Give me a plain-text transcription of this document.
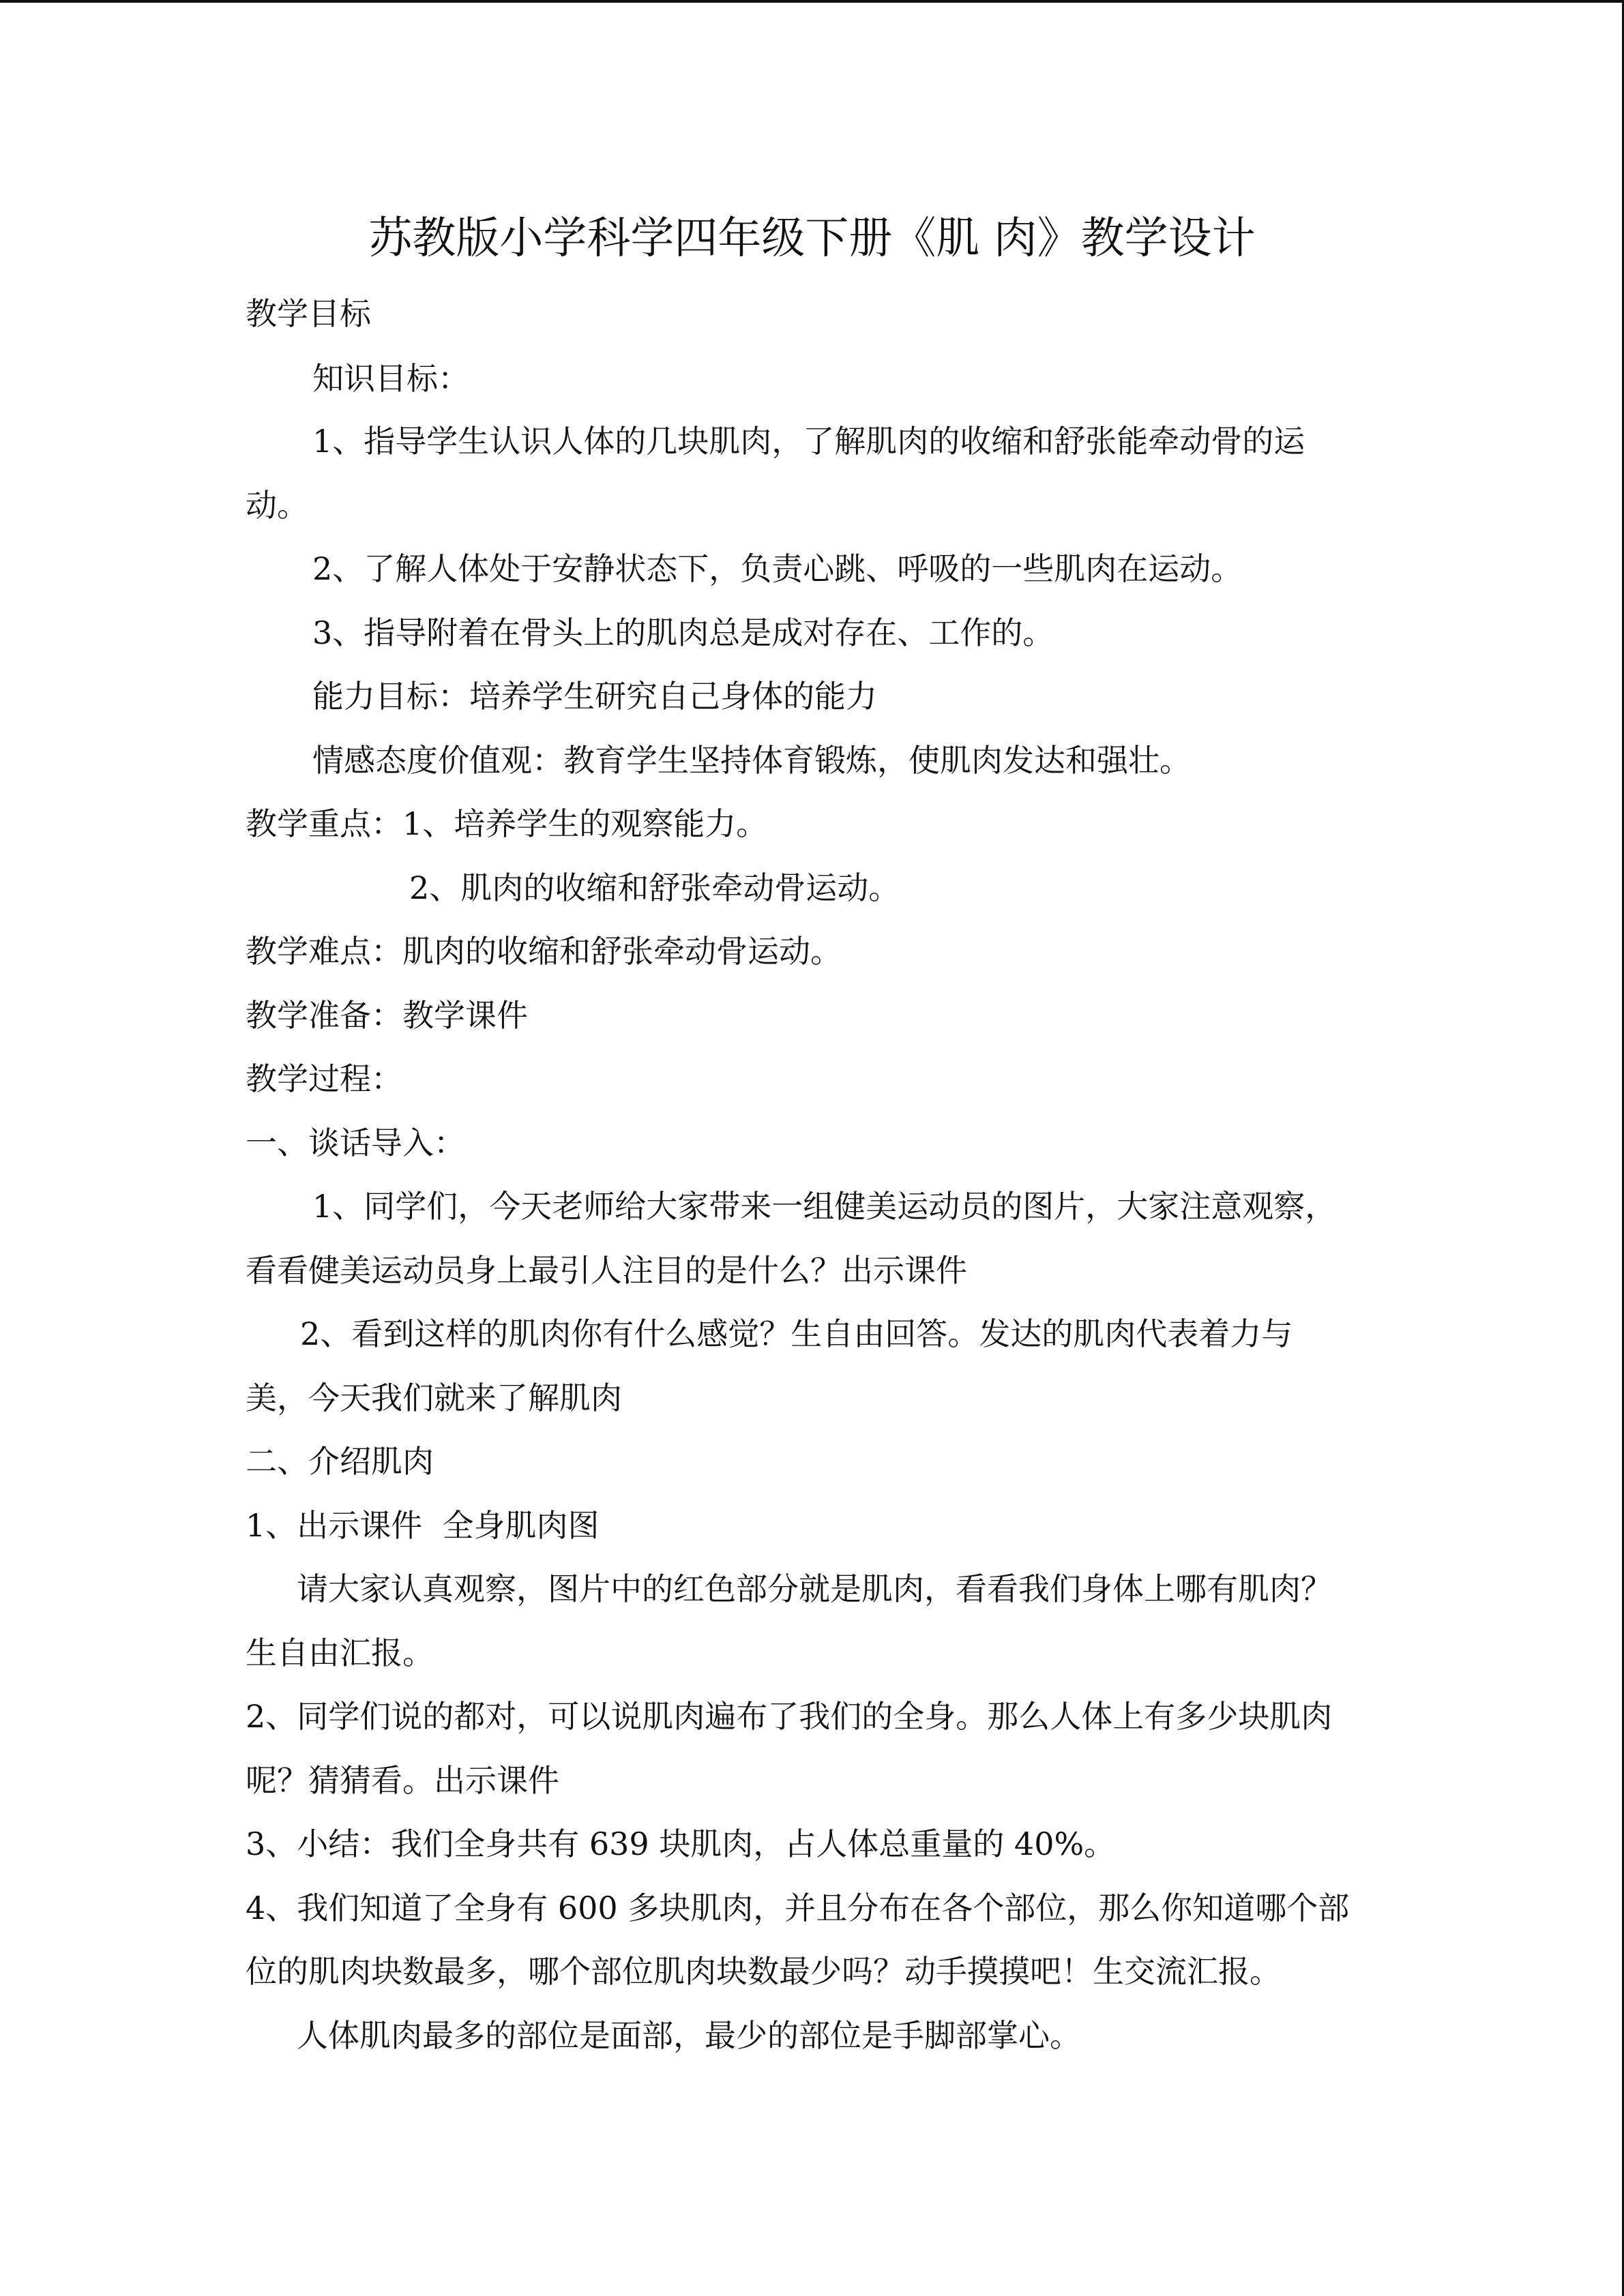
苏教版小学科学四年级下册《肌 肉》教学设计
教学目标
知识目标：
1、指导学生认识人体的几块肌肉，了解肌肉的收缩和舒张能牵动骨的运
动。
2、了解人体处于安静状态下，负责心跳、呼吸的一些肌肉在运动。
3、指导附着在骨头上的肌肉总是成对存在、工作的。
能力目标：培养学生研究自己身体的能力
情感态度价值观：教育学生坚持体育锻炼，使肌肉发达和强壮。
教学重点：1、培养学生的观察能力。
2、肌肉的收缩和舒张牵动骨运动。
教学难点：肌肉的收缩和舒张牵动骨运动。
教学准备：教学课件
教学过程：
一、谈话导入：
1、同学们，今天老师给大家带来一组健美运动员的图片，大家注意观察，
看看健美运动员身上最引人注目的是什么？出示课件
2、看到这样的肌肉你有什么感觉？生自由回答。发达的肌肉代表着力与
美，今天我们就来了解肌肉
二、介绍肌肉
1、出示课件  全身肌肉图
请大家认真观察，图片中的红色部分就是肌肉，看看我们身体上哪有肌肉？
生自由汇报。
2、同学们说的都对，可以说肌肉遍布了我们的全身。那么人体上有多少块肌肉
呢？猜猜看。出示课件
3、小结：我们全身共有 639 块肌肉，占人体总重量的 40%。
4、我们知道了全身有 600 多块肌肉，并且分布在各个部位，那么你知道哪个部
位的肌肉块数最多，哪个部位肌肉块数最少吗？动手摸摸吧！生交流汇报。
人体肌肉最多的部位是面部，最少的部位是手脚部掌心。
